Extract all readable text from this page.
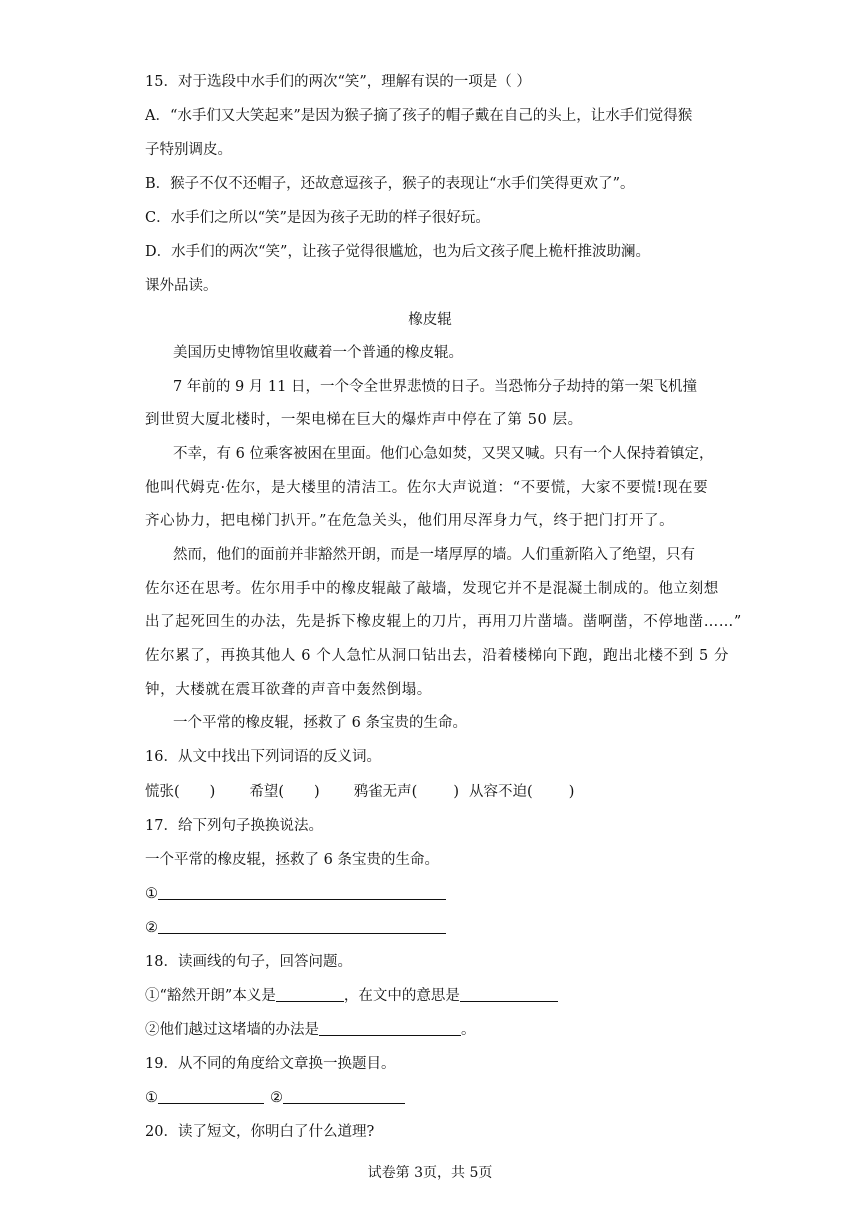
15．对于选段中水手们的两次“笑”，理解有误的一项是（ ）
A．“水手们又大笑起来”是因为猴子摘了孩子的帽子戴在自己的头上，让水手们觉得猴
子特别调皮。
B．猴子不仅不还帽子，还故意逗孩子，猴子的表现让“水手们笑得更欢了”。
C．水手们之所以“笑”是因为孩子无助的样子很好玩。
D．水手们的两次“笑”，让孩子觉得很尴尬，也为后文孩子爬上桅杆推波助澜。
课外品读。
橡皮辊
美国历史博物馆里收藏着一个普通的橡皮辊。
7 年前的 9 月 11 日，一个令全世界悲愤的日子。当恐怖分子劫持的第一架飞机撞
到世贸大厦北楼时，一架电梯在巨大的爆炸声中停在了第 50 层。
不幸，有 6 位乘客被困在里面。他们心急如焚，又哭又喊。只有一个人保持着镇定，
他叫代姆克·佐尔，是大楼里的清洁工。佐尔大声说道：“不要慌，大家不要慌!现在要
齐心协力，把电梯门扒开。”在危急关头，他们用尽浑身力气，终于把门打开了。
然而，他们的面前并非豁然开朗，而是一堵厚厚的墙。人们重新陷入了绝望，只有
佐尔还在思考。佐尔用手中的橡皮辊敲了敲墙，发现它并不是混凝土制成的。他立刻想
出了起死回生的办法，先是拆下橡皮辊上的刀片，再用刀片凿墙。凿啊凿，不停地凿……”
佐尔累了，再换其他人 6 个人急忙从洞口钻出去，沿着楼梯向下跑，跑出北楼不到 5 分
钟，大楼就在震耳欲聋的声音中轰然倒塌。
一个平常的橡皮辊，拯救了 6 条宝贵的生命。
16．从文中找出下列词语的反义词。
慌张( ) 希望( ) 鸦雀无声( ) 从容不迫( )
17．给下列句子换换说法。
一个平常的橡皮辊，拯救了 6 条宝贵的生命。
①
②
18．读画线的句子，回答问题。
①“豁然开朗”本义是	，在文中的意思是
②他们越过这堵墙的办法是	。
19．从不同的角度给文章换一换题目。
①	②
20．读了短文，你明白了什么道理?
试卷第 3页，共 5页
